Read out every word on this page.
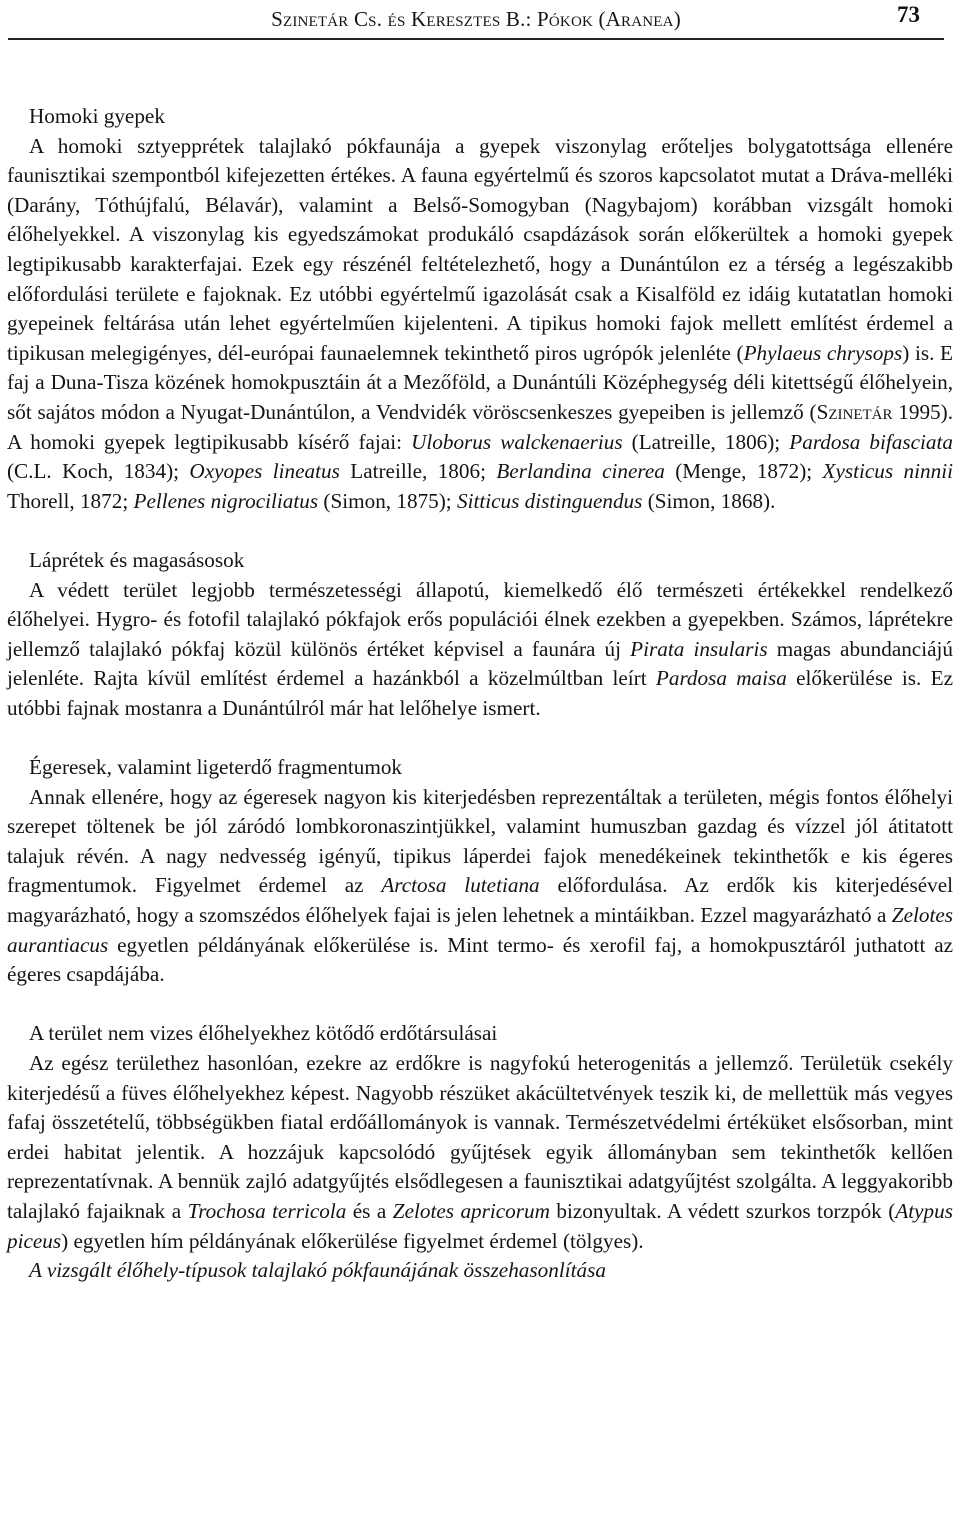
Szinetár Cs. és Keresztes B.: Pókok (Aranea)	73

Homoki gyepek

A homoki sztyepprétek talajlakó pókfaunája a gyepek viszonylag erőteljes bolygatottsága ellenére faunisztikai szempontból kifejezetten értékes. A fauna egyértelmű és szoros kapcsolatot mutat a Dráva-melléki (Darány, Tóthújfalú, Bélavár), valamint a Belső-Somogyban (Nagybajom) korábban vizsgált homoki élőhelyekkel. A viszonylag kis egyedszámokat produkáló csapdázások során előkerültek a homoki gyepek legtipikusabb karakterfajai. Ezek egy részénél feltételezhető, hogy a Dunántúlon ez a térség a legészakibb előfordulási területe e fajoknak. Ez utóbbi egyértelmű igazolását csak a Kisalföld ez idáig kutatatlan homoki gyepeinek feltárása után lehet egyértelműen kijelenteni. A tipikus homoki fajok mellett említést érdemel a tipikusan melegigényes, dél-európai faunaelemnek tekinthető piros ugrópók jelenléte (Phylaeus chrysops) is. E faj a Duna-Tisza közének homokpusztáin át a Mezőföld, a Dunántúli Középhegység déli kitettségű élőhelyein, sőt sajátos módon a Nyugat-Dunántúlon, a Vendvidék vöröscsenkeszes gyepeiben is jellemző (Szinetár 1995). A homoki gyepek legtipikusabb kísérő fajai: Uloborus walckenaerius (Latreille, 1806); Pardosa bifasciata (C.L. Koch, 1834); Oxyopes lineatus Latreille, 1806; Berlandina cinerea (Menge, 1872); Xysticus ninnii Thorell, 1872; Pellenes nigrociliatus (Simon, 1875); Sitticus distinguendus (Simon, 1868).

Láprétek és magasásosok

A védett terület legjobb természetességi állapotú, kiemelkedő élő természeti értékekkel rendelkező élőhelyei. Hygro- és fotofil talajlakó pókfajok erős populációi élnek ezekben a gyepekben. Számos, láprétekre jellemző talajlakó pókfaj közül különös értéket képvisel a faunára új Pirata insularis magas abundanciájú jelenléte. Rajta kívül említést érdemel a hazánkból a közelmúltban leírt Pardosa maisa előkerülése is. Ez utóbbi fajnak mostanra a Dunántúlról már hat lelőhelye ismert.

Égeresek, valamint ligeterdő fragmentumok

Annak ellenére, hogy az égeresek nagyon kis kiterjedésben reprezentáltak a területen, mégis fontos élőhelyi szerepet töltenek be jól záródó lombkoronaszintjükkel, valamint humuszban gazdag és vízzel jól átitatott talajuk révén. A nagy nedvesség igényű, tipikus láperdei fajok menedékeinek tekinthetők e kis égeres fragmentumok. Figyelmet érdemel az Arctosa lutetiana előfordulása. Az erdők kis kiterjedésével magyarázható, hogy a szomszédos élőhelyek fajai is jelen lehetnek a mintáikban. Ezzel magyarázható a Zelotes aurantiacus egyetlen példányának előkerülése is. Mint termo- és xerofil faj, a homokpusztáról juthatott az égeres csapdájába.

A terület nem vizes élőhelyekhez kötődő erdőtársulásai

Az egész területhez hasonlóan, ezekre az erdőkre is nagyfokú heterogenitás a jellemző. Területük csekély kiterjedésű a füves élőhelyekhez képest. Nagyobb részüket akácültetvények teszik ki, de mellettük más vegyes fafaj összetételű, többségükben fiatal erdőállományok is vannak. Természetvédelmi értéküket elsősorban, mint erdei habitat jelentik. A hozzájuk kapcsolódó gyűjtések egyik állományban sem tekinthetők kellően reprezentatívnak. A bennük zajló adatgyűjtés elsődlegesen a faunisztikai adatgyűjtést szolgálta. A leggyakoribb talajlakó fajaiknak a Trochosa terricola és a Zelotes apricorum bizonyultak. A védett szurkos torzpók (Atypus piceus) egyetlen hím példányának előkerülése figyelmet érdemel (tölgyes).

A vizsgált élőhely-típusok talajlakó pókfaunájának összehasonlítása
